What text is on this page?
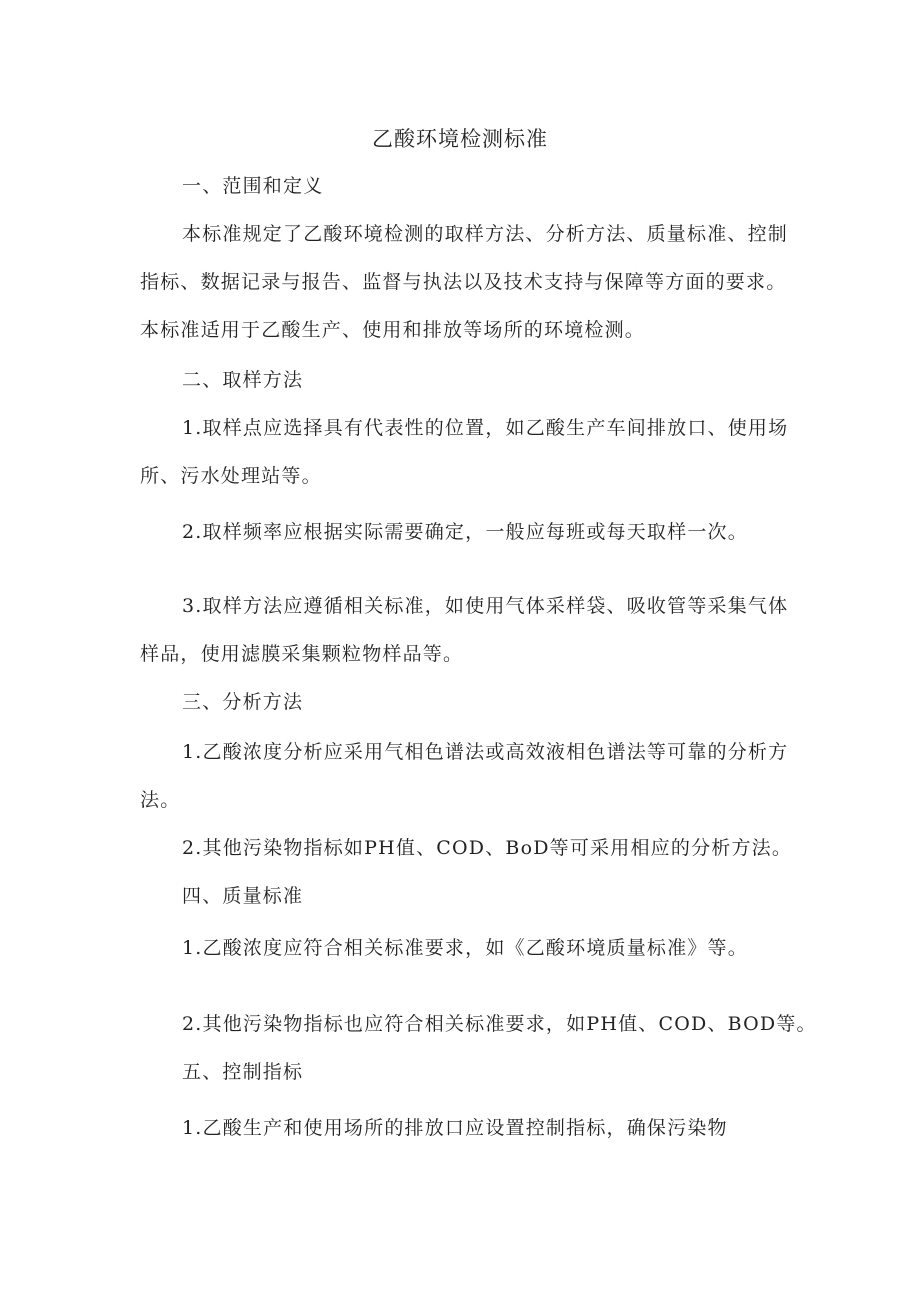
乙酸环境检测标准
一、范围和定义
本标准规定了乙酸环境检测的取样方法、分析方法、质量标准、控制
指标、数据记录与报告、监督与执法以及技术支持与保障等方面的要求。
本标准适用于乙酸生产、使用和排放等场所的环境检测。
二、取样方法
1.取样点应选择具有代表性的位置，如乙酸生产车间排放口、使用场
所、污水处理站等。
2.取样频率应根据实际需要确定，一般应每班或每天取样一次。
3.取样方法应遵循相关标准，如使用气体采样袋、吸收管等采集气体
样品，使用滤膜采集颗粒物样品等。
三、分析方法
1.乙酸浓度分析应采用气相色谱法或高效液相色谱法等可靠的分析方
法。
2.其他污染物指标如PH值、COD、BoD等可采用相应的分析方法。
四、质量标准
1.乙酸浓度应符合相关标准要求，如《乙酸环境质量标准》等。
2.其他污染物指标也应符合相关标准要求，如PH值、COD、BOD等。
五、控制指标
1.乙酸生产和使用场所的排放口应设置控制指标，确保污染物
